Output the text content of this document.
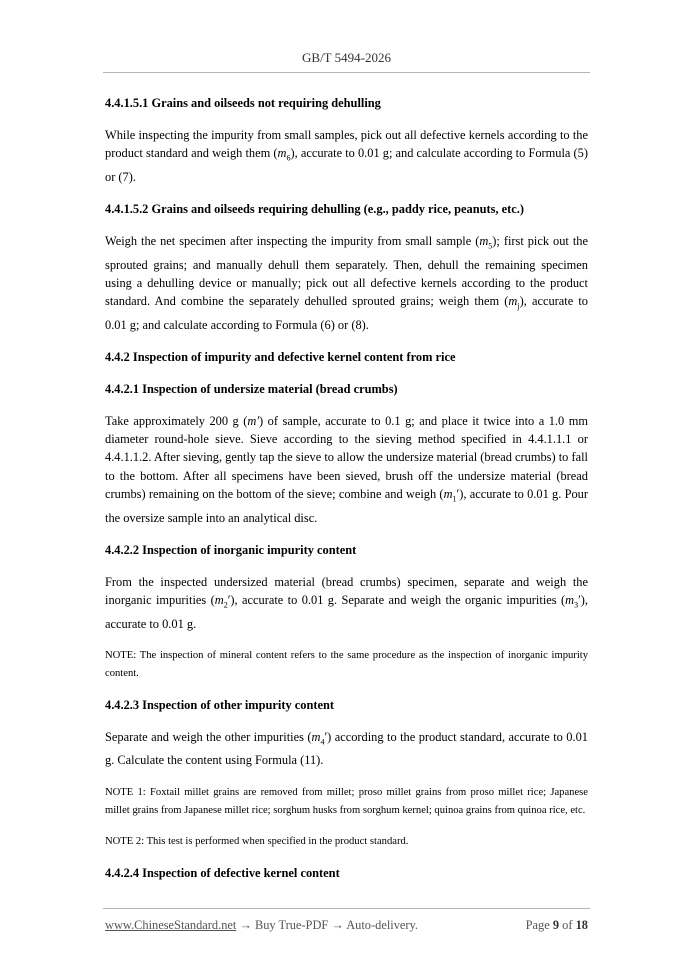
GB/T 5494-2026
4.4.1.5.1 Grains and oilseeds not requiring dehulling
While inspecting the impurity from small samples, pick out all defective kernels according to the product standard and weigh them $(m_6)$, accurate to 0.01 g; and calculate according to Formula (5) or (7).
4.4.1.5.2 Grains and oilseeds requiring dehulling (e.g., paddy rice, peanuts, etc.)
Weigh the net specimen after inspecting the impurity from small sample $(m_5)$; first pick out the sprouted grains; and manually dehull them separately. Then, dehull the remaining specimen using a dehulling device or manually; pick out all defective kernels according to the product standard. And combine the separately dehulled sprouted grains; weigh them $(m_j)$, accurate to 0.01 g; and calculate according to Formula (6) or (8).
4.4.2 Inspection of impurity and defective kernel content from rice
4.4.2.1 Inspection of undersize material (bread crumbs)
Take approximately 200 g (m′) of sample, accurate to 0.1 g; and place it twice into a 1.0 mm diameter round-hole sieve. Sieve according to the sieving method specified in 4.4.1.1.1 or 4.4.1.1.2. After sieving, gently tap the sieve to allow the undersize material (bread crumbs) to fall to the bottom. After all specimens have been sieved, brush off the undersize material (bread crumbs) remaining on the bottom of the sieve; combine and weigh $(m_1')$, accurate to 0.01 g. Pour the oversize sample into an analytical disc.
4.4.2.2 Inspection of inorganic impurity content
From the inspected undersized material (bread crumbs) specimen, separate and weigh the inorganic impurities $(m_2')$, accurate to 0.01 g. Separate and weigh the organic impurities $(m_3')$, accurate to 0.01 g.
NOTE: The inspection of mineral content refers to the same procedure as the inspection of inorganic impurity content.
4.4.2.3 Inspection of other impurity content
Separate and weigh the other impurities $(m_4')$ according to the product standard, accurate to 0.01 g. Calculate the content using Formula (11).
NOTE 1: Foxtail millet grains are removed from millet; proso millet grains from proso millet rice; Japanese millet grains from Japanese millet rice; sorghum husks from sorghum kernel; quinoa grains from quinoa rice, etc.
NOTE 2: This test is performed when specified in the product standard.
4.4.2.4 Inspection of defective kernel content
www.ChineseStandard.net → Buy True-PDF → Auto-delivery.	Page 9 of 18
